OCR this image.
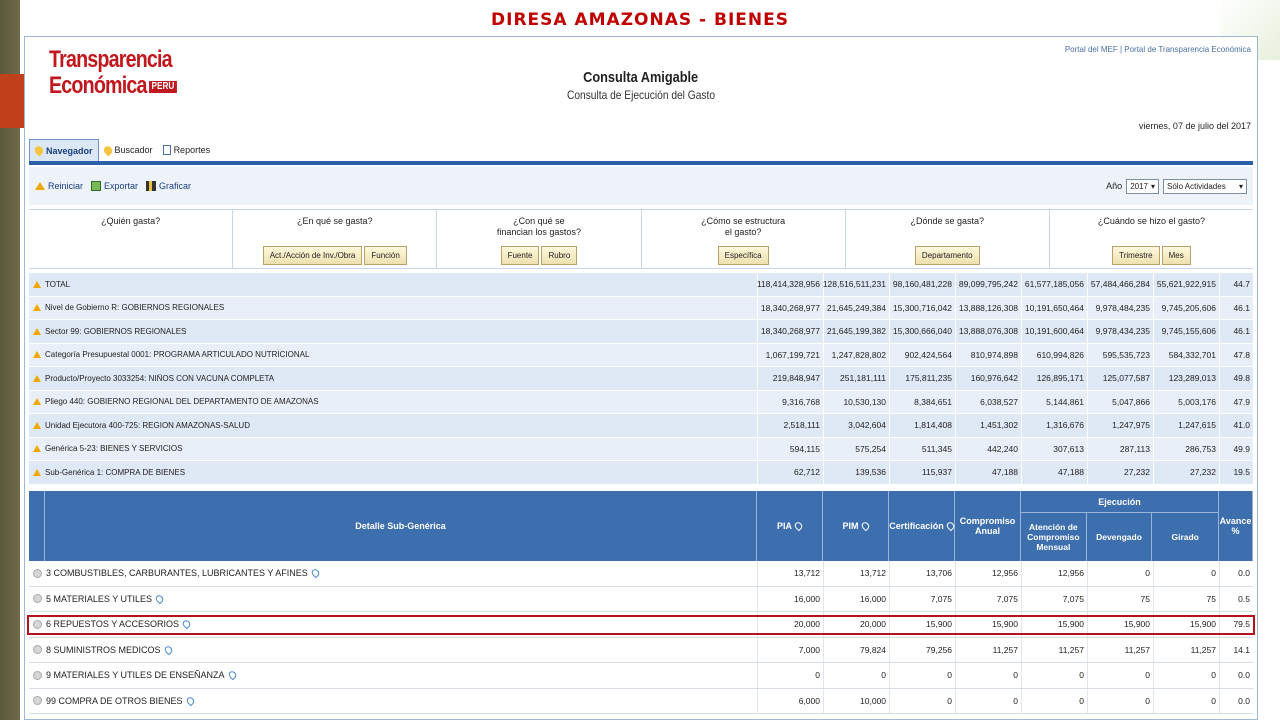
DIRESA AMAZONAS - BIENES
Transparencia
Económica PERU
Consulta Amigable
Consulta de Ejecución del Gasto
Portal del MEF | Portal de Transparencia Económica
viernes, 07 de julio del 2017
Navegador Buscador Reportes
Reiniciar Exportar Graficar	Año 2017 ▾ Sólo Actividades ▾
¿Quién gasta?	¿En qué se gasta?
Act./Acción de Inv./Obra	Función
¿Con qué se
financian los gastos?
Fuente	Rubro
¿Cómo se estructura
el gasto?
Específica
¿Dónde se gasta?
Departamento
¿Cuándo se hizo el gasto?
Trimestre	Mes
TOTAL	118,414,328,956 128,516,511,231 98,160,481,228 89,099,795,242 61,577,185,056 57,484,466,284 55,621,922,915	44.7
Nivel de Gobierno R: GOBIERNOS REGIONALES	18,340,268,977 21,645,249,384 15,300,716,042 13,888,126,308 10,191,650,464	9,978,484,235	9,745,205,606	46.1
Sector 99: GOBIERNOS REGIONALES	18,340,268,977 21,645,199,382 15,300,666,040 13,888,076,308 10,191,600,464	9,978,434,235	9,745,155,606	46.1
Categoría Presupuestal 0001: PROGRAMA ARTICULADO NUTRICIONAL	1,067,199,721	1,247,828,802	902,424,564	810,974,898	610,994,826	595,535,723	584,332,701	47.8
Producto/Proyecto 3033254: NIÑOS CON VACUNA COMPLETA	219,848,947	251,181,111	175,811,235	160,976,642	126,895,171	125,077,587	123,289,013	49.8
Pliego 440: GOBIERNO REGIONAL DEL DEPARTAMENTO DE AMAZONAS	9,316,768	10,530,130	8,384,651	6,038,527	5,144,861	5,047,866	5,003,176	47.9
Unidad Ejecutora 400-725: REGION AMAZONAS-SALUD	2,518,111	3,042,604	1,814,408	1,451,302	1,316,676	1,247,975	1,247,615	41.0
Genérica 5-23: BIENES Y SERVICIOS	594,115	575,254	511,345	442,240	307,613	287,113	286,753	49.9
Sub-Genérica 1: COMPRA DE BIENES	62,712	139,536	115,937	47,188	47,188	27,232	27,232	19.5
Detalle Sub-Genérica	PIA	PIM	Certificación	Compromiso Anual
Ejecución
Atención de Compromiso Mensual
Devengado	Girado
Avance %
3 COMBUSTIBLES, CARBURANTES, LUBRICANTES Y AFINES	13,712	13,712	13,706	12,956	12,956	0	0	0.0
5 MATERIALES Y UTILES	16,000	16,000	7,075	7,075	7,075	75	75	0.5
6 REPUESTOS Y ACCESORIOS	20,000	20,000	15,900	15,900	15,900	15,900	15,900	79.5
8 SUMINISTROS MEDICOS	7,000	79,824	79,256	11,257	11,257	11,257	11,257	14.1
9 MATERIALES Y UTILES DE ENSEÑANZA	0	0	0	0	0	0	0	0.0
99 COMPRA DE OTROS BIENES	6,000	10,000	0	0	0	0	0	0.0
